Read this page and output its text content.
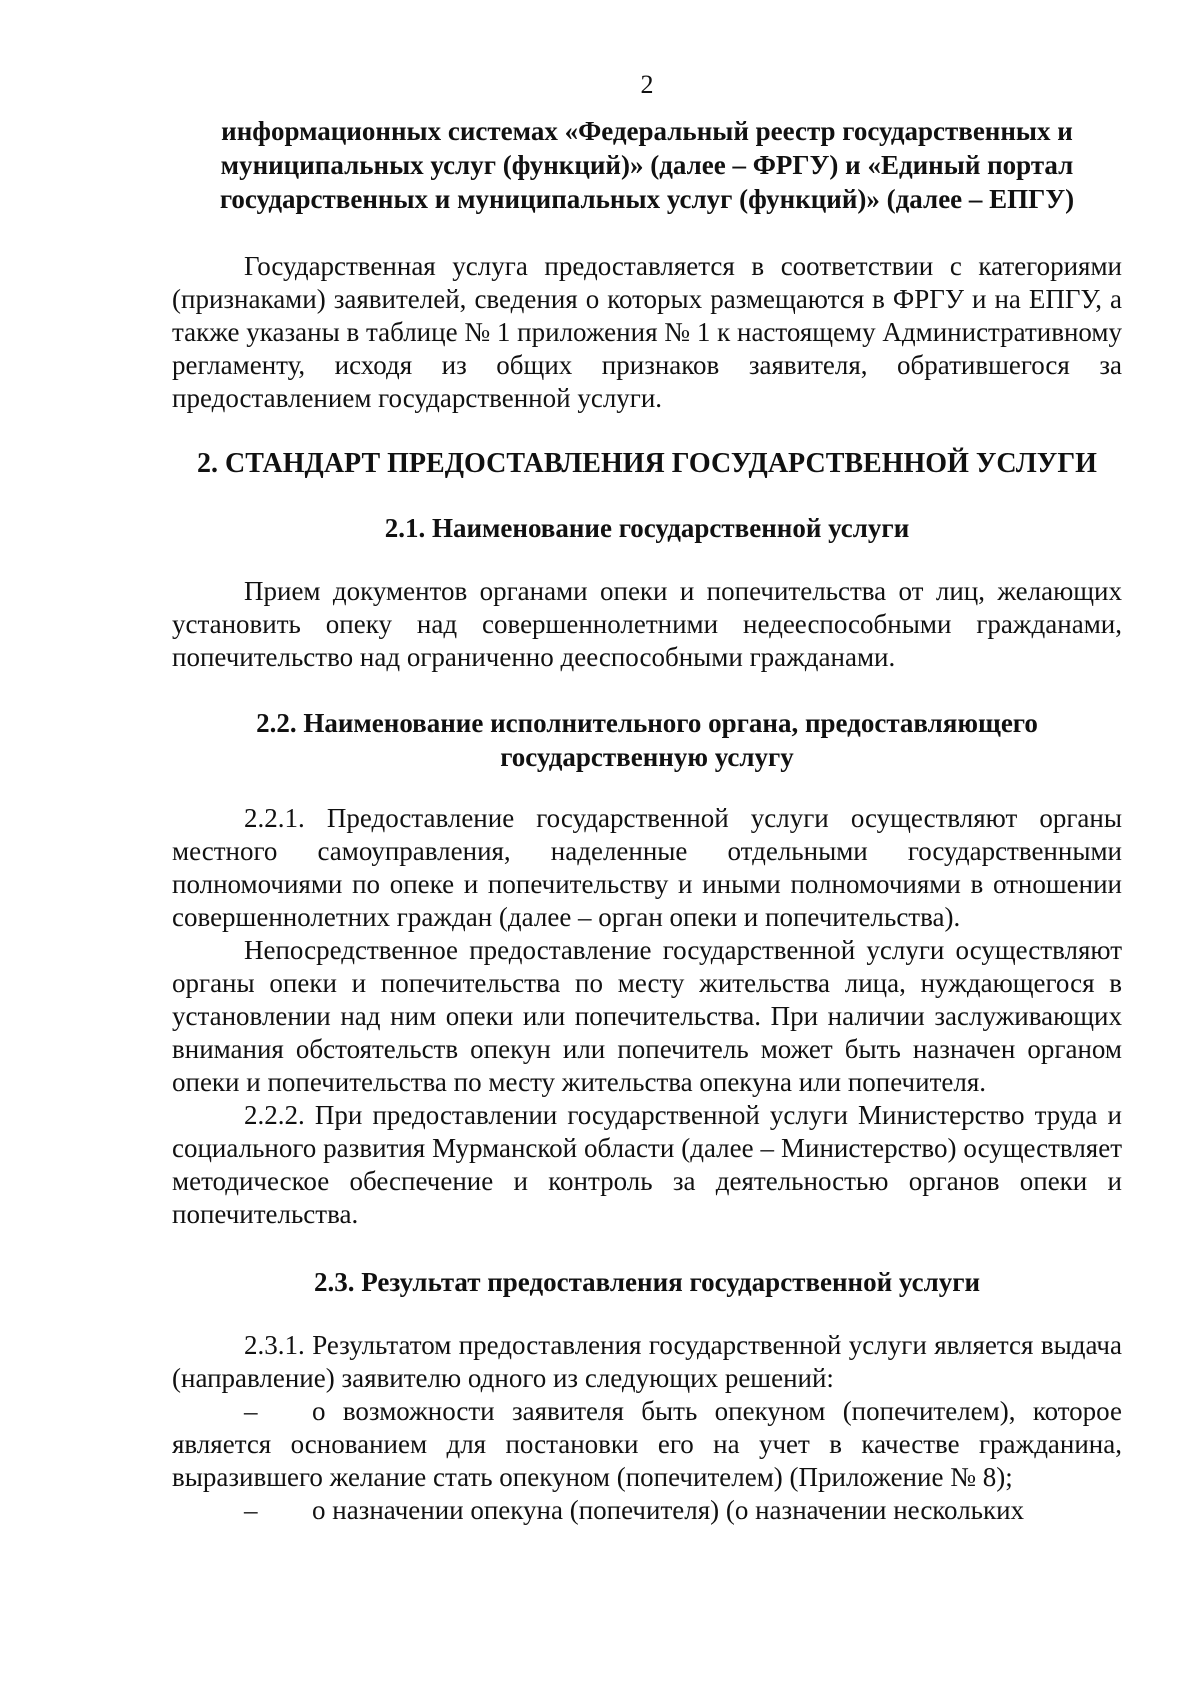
2

информационных системах «Федеральный реестр государственных и муниципальных услуг (функций)» (далее – ФРГУ) и «Единый портал государственных и муниципальных услуг (функций)» (далее – ЕПГУ)

Государственная услуга предоставляется в соответствии с категориями (признаками) заявителей, сведения о которых размещаются в ФРГУ и на ЕПГУ, а также указаны в таблице № 1 приложения № 1 к настоящему Административному регламенту, исходя из общих признаков заявителя, обратившегося за предоставлением государственной услуги.

2. СТАНДАРТ ПРЕДОСТАВЛЕНИЯ ГОСУДАРСТВЕННОЙ УСЛУГИ
2.1. Наименование государственной услуги

Прием документов органами опеки и попечительства от лиц, желающих установить опеку над совершеннолетними недееспособными гражданами, попечительство над ограниченно дееспособными гражданами.

2.2. Наименование исполнительного органа, предоставляющего
государственную услугу

2.2.1. Предоставление государственной услуги осуществляют органы местного самоуправления, наделенные отдельными государственными полномочиями по опеке и попечительству и иными полномочиями в отношении совершеннолетних граждан (далее – орган опеки и попечительства).

Непосредственное предоставление государственной услуги осуществляют органы опеки и попечительства по месту жительства лица, нуждающегося в установлении над ним опеки или попечительства. При наличии заслуживающих внимания обстоятельств опекун или попечитель может быть назначен органом опеки и попечительства по месту жительства опекуна или попечителя.

2.2.2. При предоставлении государственной услуги Министерство труда и социального развития Мурманской области (далее – Министерство) осуществляет методическое обеспечение и контроль за деятельностью органов опеки и попечительства.

2.3. Результат предоставления государственной услуги

2.3.1. Результатом предоставления государственной услуги является выдача (направление) заявителю одного из следующих решений:

– о возможности заявителя быть опекуном (попечителем), которое является основанием для постановки его на учет в качестве гражданина, выразившего желание стать опекуном (попечителем) (Приложение № 8);

– о назначении опекуна (попечителя) (о назначении нескольких
